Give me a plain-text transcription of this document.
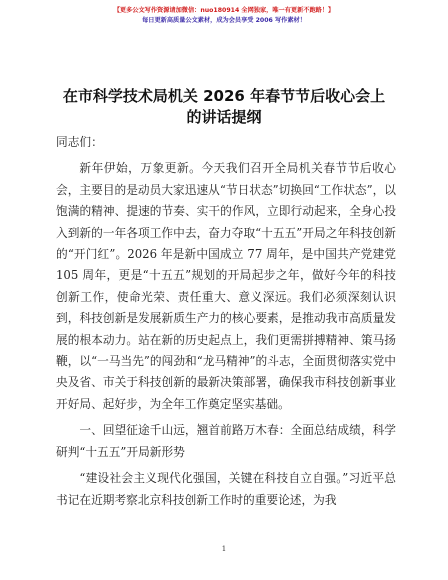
【更多公文写作资源请加微信：nuo180914 全网独家，唯一有更新不跑路！】
每日更新高质量公文素材，成为会员享受 2006 写作素材！
在市科学技术局机关 2026 年春节节后收心会上
的讲话提纲

同志们：

新年伊始，万象更新。今天我们召开全局机关春节节后收心会，主要目的是动员大家迅速从“节日状态”切换回“工作状态”，以饱满的精神、提速的节奏、实干的作风，立即行动起来，全身心投入到新的一年各项工作中去，奋力夺取“十五五”开局之年科技创新的“开门红”。2026 年是新中国成立 77 周年，是中国共产党建党 105 周年，更是“十五五”规划的开局起步之年，做好今年的科技创新工作，使命光荣、责任重大、意义深远。我们必须深刻认识到，科技创新是发展新质生产力的核心要素，是推动我市高质量发展的根本动力。站在新的历史起点上，我们更需拼搏精神、策马扬鞭，以“一马当先”的闯劲和“龙马精神”的斗志，全面贯彻落实党中央及省、市关于科技创新的最新决策部署，确保我市科技创新事业开好局、起好步，为全年工作奠定坚实基础。

一、回望征途千山远，翘首前路万木春：全面总结成绩，科学研判“十五五”开局新形势

“建设社会主义现代化强国，关键在科技自立自强。”习近平总书记在近期考察北京科技创新工作时的重要论述，为我

1
